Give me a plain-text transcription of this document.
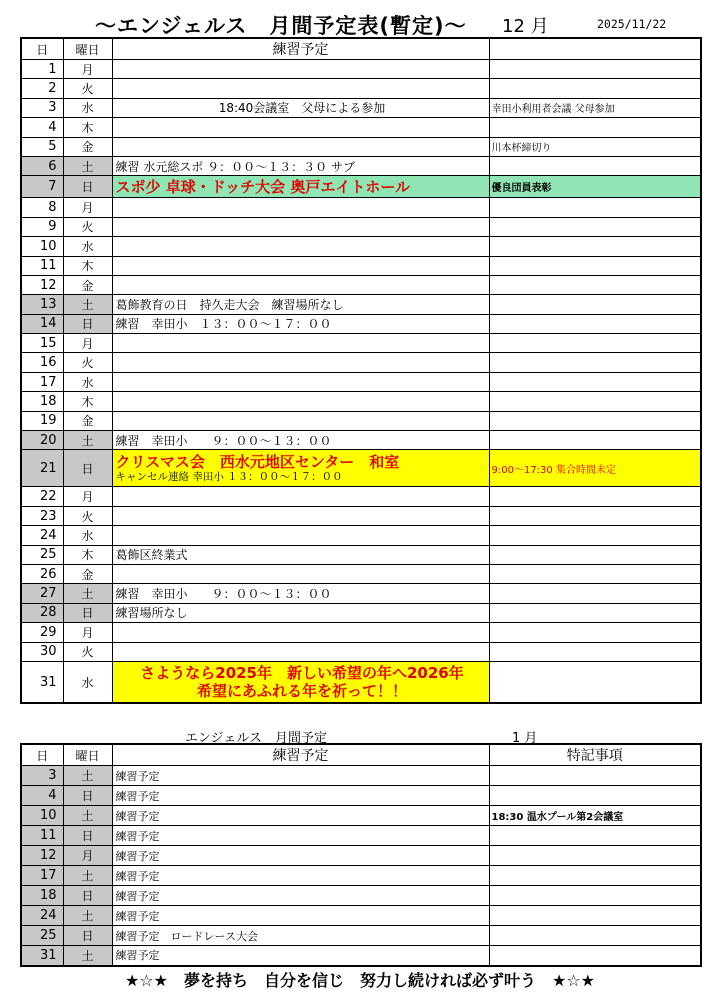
～エンジェルス　月間予定表(暫定)～ 12 月	2025/11/22
日	曜日	練習予定	
1	月		
2	火		
3	水	18:40会議室　父母による参加	幸田小利用者会議 父母参加
4	木		
5	金		川本杯締切り
6	土	練習 水元総スポ ９：００～１３：３０ サブ	
7	日	スポ少 卓球・ドッチ大会 奥戸エイトホール	優良団員表彰
8	月		
9	火		
10	水		
11	木		
12	金		
13	土	葛飾教育の日　持久走大会　練習場所なし	
14	日	練習　幸田小　１３：００～１７：００	
15	月		
16	火		
17	水		
18	木		
19	金		
20	土	練習　幸田小　　９：００～１３：００	
21	日	クリスマス会　西水元地区センター　和室
キャンセル連絡 幸田小 １３：００～１７：００	9:00～17:30 集合時間未定
22	月		
23	火		
24	水		
25	木	葛飾区終業式	
26	金		
27	土	練習　幸田小　　９：００～１３：００	
28	日	練習場所なし	
29	月		
30	火		
31	水	さようなら2025年　新しい希望の年へ2026年
希望にあふれる年を祈って！！	

エンジェルス　月間予定	1 月
日	曜日	練習予定	特記事項
3	土	練習予定	
4	日	練習予定	
10	土	練習予定	18:30 温水プール第2会議室
11	日	練習予定	
12	月	練習予定	
17	土	練習予定	
18	日	練習予定	
24	土	練習予定	
25	日	練習予定　ロードレース大会	
31	土	練習予定	
★☆★　夢を持ち　自分を信じ　努力し続ければ必ず叶う　★☆★
